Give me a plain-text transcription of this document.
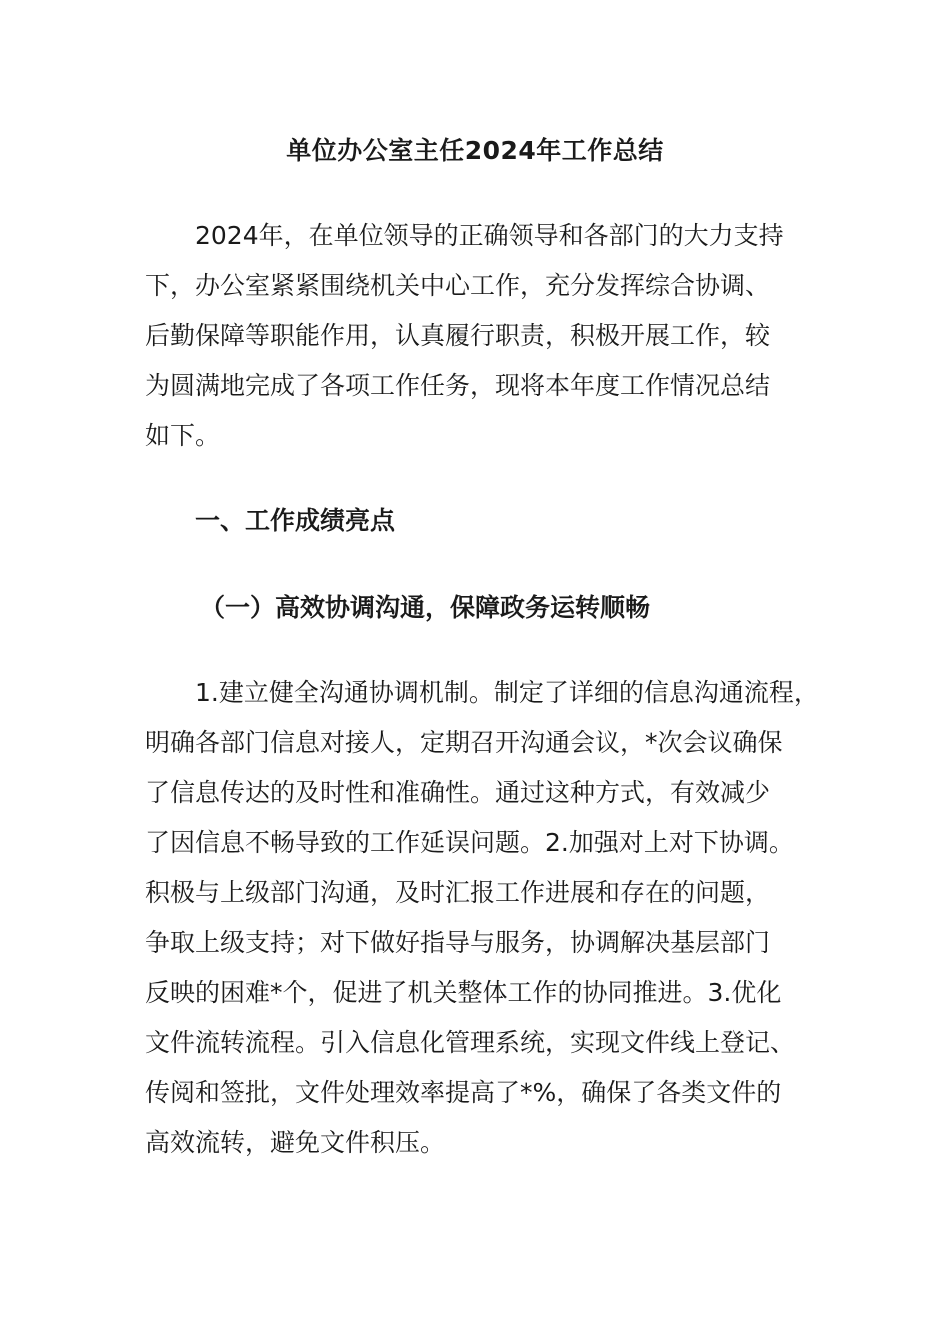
单位办公室主任2024年工作总结
2024年，在单位领导的正确领导和各部门的大力支持
下，办公室紧紧围绕机关中心工作，充分发挥综合协调、
后勤保障等职能作用，认真履行职责，积极开展工作，较
为圆满地完成了各项工作任务，现将本年度工作情况总结
如下。
一、工作成绩亮点
（一）高效协调沟通，保障政务运转顺畅
1.建立健全沟通协调机制。制定了详细的信息沟通流程，
明确各部门信息对接人，定期召开沟通会议，*次会议确保
了信息传达的及时性和准确性。通过这种方式，有效减少
了因信息不畅导致的工作延误问题。2.加强对上对下协调。
积极与上级部门沟通，及时汇报工作进展和存在的问题，
争取上级支持；对下做好指导与服务，协调解决基层部门
反映的困难*个，促进了机关整体工作的协同推进。3.优化
文件流转流程。引入信息化管理系统，实现文件线上登记、
传阅和签批，文件处理效率提高了*%，确保了各类文件的
高效流转，避免文件积压。
